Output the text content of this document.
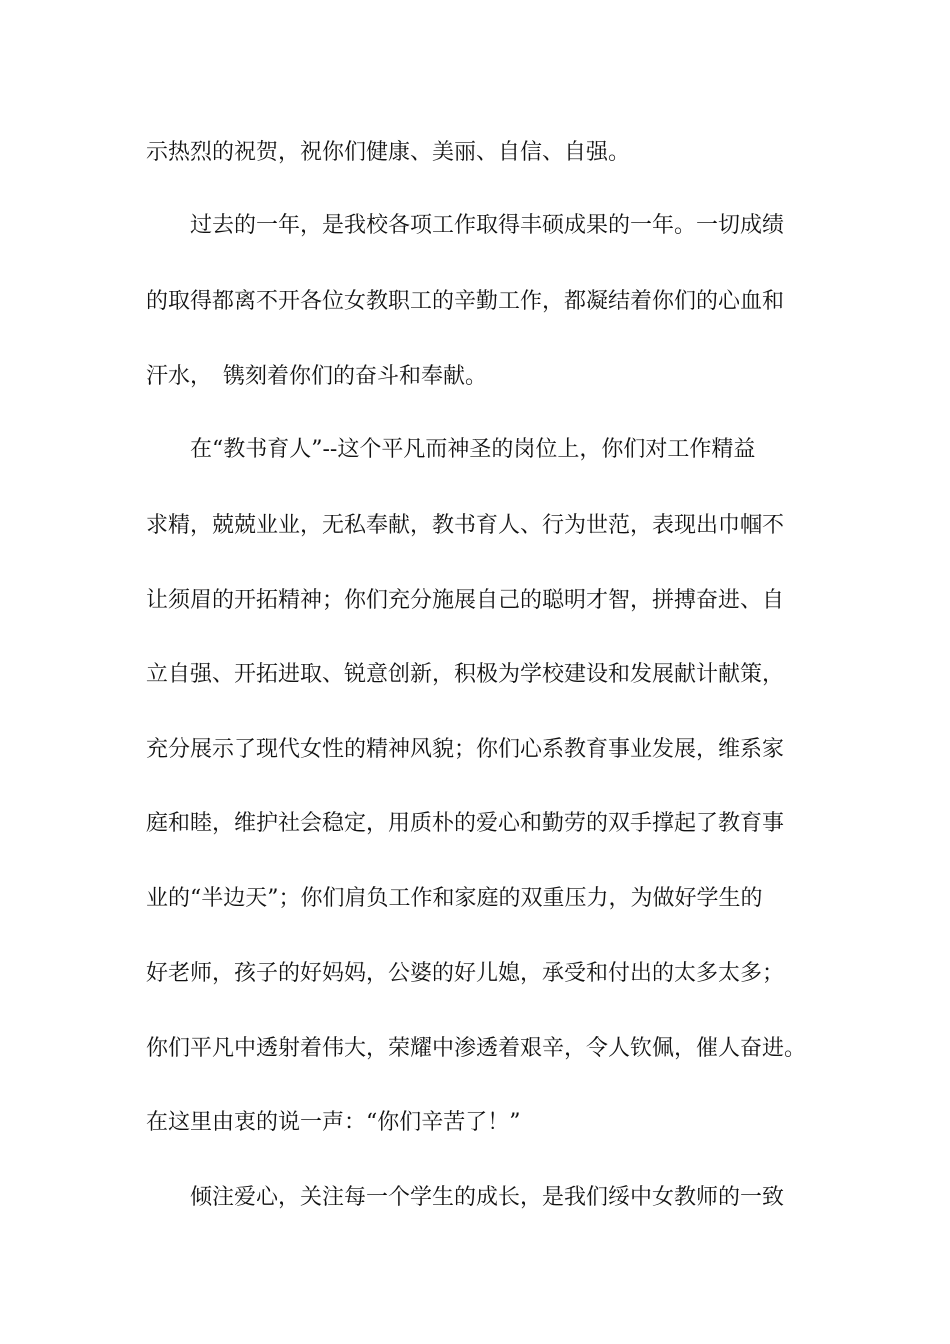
示热烈的祝贺，祝你们健康、美丽、自信、自强。
过去的一年，是我校各项工作取得丰硕成果的一年。一切成绩
的取得都离不开各位女教职工的辛勤工作，都凝结着你们的心血和
汗水，　镌刻着你们的奋斗和奉献。
在“教书育人”--这个平凡而神圣的岗位上，你们对工作精益
求精，兢兢业业，无私奉献，教书育人、行为世范，表现出巾帼不
让须眉的开拓精神；你们充分施展自己的聪明才智，拼搏奋进、自
立自强、开拓进取、锐意创新，积极为学校建设和发展献计献策，
充分展示了现代女性的精神风貌；你们心系教育事业发展，维系家
庭和睦，维护社会稳定，用质朴的爱心和勤劳的双手撑起了教育事
业的“半边天”；你们肩负工作和家庭的双重压力，为做好学生的
好老师，孩子的好妈妈，公婆的好儿媳，承受和付出的太多太多；
你们平凡中透射着伟大，荣耀中渗透着艰辛，令人钦佩，催人奋进。
在这里由衷的说一声：“你们辛苦了！”
倾注爱心，关注每一个学生的成长，是我们绥中女教师的一致
